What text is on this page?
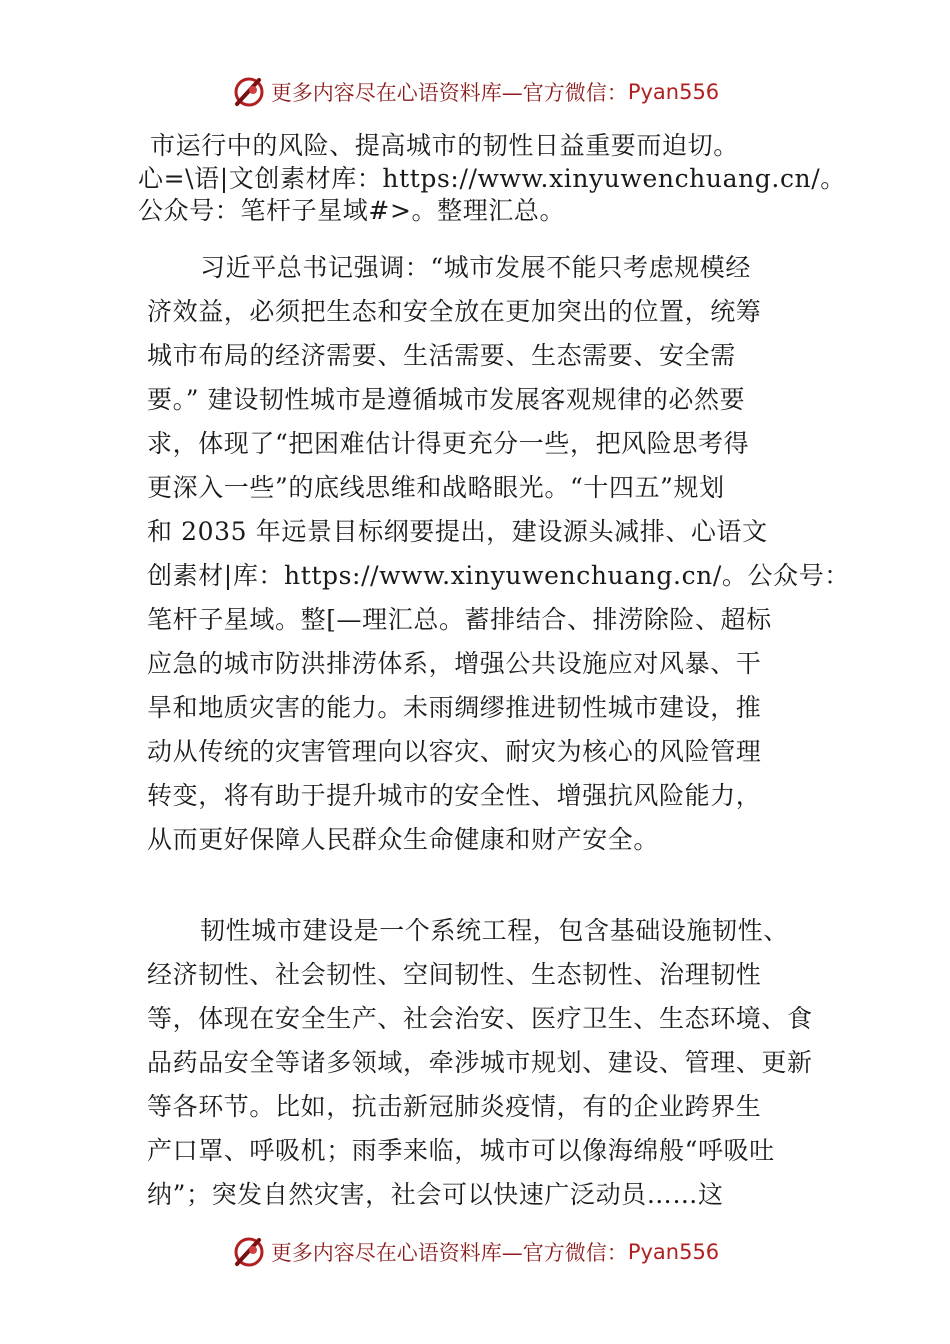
更多内容尽在心语资料库—官方微信： Pyan556
市运行中的风险、提高城市的韧性日益重要而迫切。
心=\语|文创素材库：https://www.xinyuwenchuang.cn/。
公众号：笔杆子星域#>。整理汇总。
习近平总书记强调：“城市发展不能只考虑规模经
济效益，必须把生态和安全放在更加突出的位置，统筹
城市布局的经济需要、生活需要、生态需要、安全需
要。” 建设韧性城市是遵循城市发展客观规律的必然要
求，体现了“把困难估计得更充分一些，把风险思考得
更深入一些”的底线思维和战略眼光。“十四五”规划
和 2035 年远景目标纲要提出，建设源头减排、心语文
创素材|库：https://www.xinyuwenchuang.cn/。公众号：
笔杆子星域。整[—理汇总。蓄排结合、排涝除险、超标
应急的城市防洪排涝体系，增强公共设施应对风暴、干
旱和地质灾害的能力。未雨绸缪推进韧性城市建设，推
动从传统的灾害管理向以容灾、耐灾为核心的风险管理
转变，将有助于提升城市的安全性、增强抗风险能力，
从而更好保障人民群众生命健康和财产安全。
韧性城市建设是一个系统工程，包含基础设施韧性、
经济韧性、社会韧性、空间韧性、生态韧性、治理韧性
等，体现在安全生产、社会治安、医疗卫生、生态环境、食
品药品安全等诸多领域，牵涉城市规划、建设、管理、更新
等各环节。比如，抗击新冠肺炎疫情，有的企业跨界生
产口罩、呼吸机；雨季来临，城市可以像海绵般“呼吸吐
纳”；突发自然灾害，社会可以快速广泛动员……这
更多内容尽在心语资料库—官方微信： Pyan556
